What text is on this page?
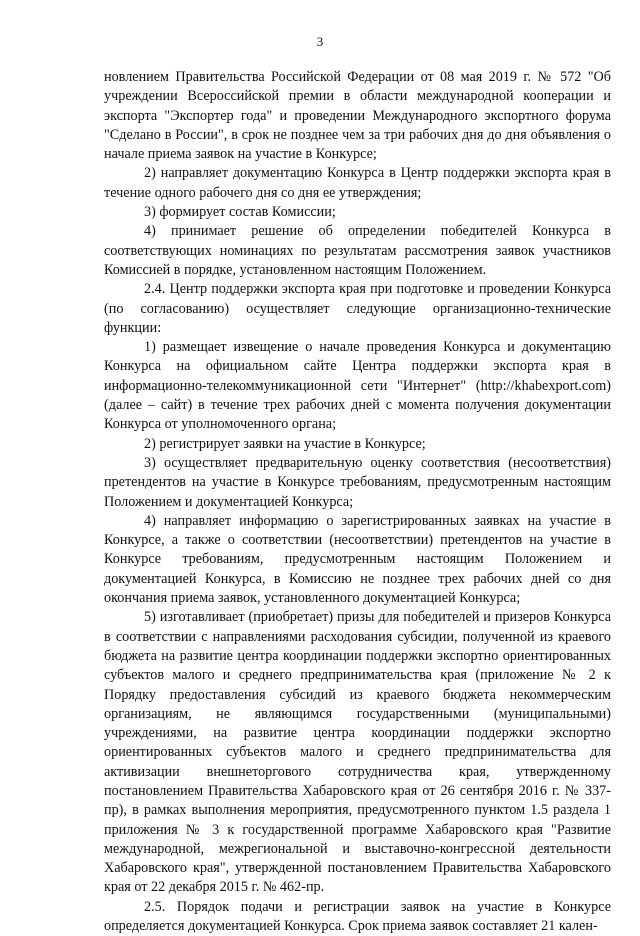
3

новлением Правительства Российской Федерации от 08 мая 2019 г. № 572 "Об учреждении Всероссийской премии в области международной кооперации и экспорта "Экспортер года" и проведении Международного экспортного форума "Сделано в России", в срок не позднее чем за три рабочих дня до дня объявления о начале приема заявок на участие в Конкурсе;

2) направляет документацию Конкурса в Центр поддержки экспорта края в течение одного рабочего дня со дня ее утверждения;

3) формирует состав Комиссии;

4) принимает решение об определении победителей Конкурса в соответствующих номинациях по результатам рассмотрения заявок участников Комиссией в порядке, установленном настоящим Положением.

2.4. Центр поддержки экспорта края при подготовке и проведении Конкурса (по согласованию) осуществляет следующие организационно-технические функции:

1) размещает извещение о начале проведения Конкурса и документацию Конкурса на официальном сайте Центра поддержки экспорта края в информационно-телекоммуникационной сети "Интернет" (http://khabexport.com) (далее – сайт) в течение трех рабочих дней с момента получения документации Конкурса от уполномоченного органа;

2) регистрирует заявки на участие в Конкурсе;

3) осуществляет предварительную оценку соответствия (несоответствия) претендентов на участие в Конкурсе требованиям, предусмотренным настоящим Положением и документацией Конкурса;

4) направляет информацию о зарегистрированных заявках на участие в Конкурсе, а также о соответствии (несоответствии) претендентов на участие в Конкурсе требованиям, предусмотренным настоящим Положением и документацией Конкурса, в Комиссию не позднее трех рабочих дней со дня окончания приема заявок, установленного документацией Конкурса;

5) изготавливает (приобретает) призы для победителей и призеров Конкурса в соответствии с направлениями расходования субсидии, полученной из краевого бюджета на развитие центра координации поддержки экспортно ориентированных субъектов малого и среднего предпринимательства края (приложение № 2 к Порядку предоставления субсидий из краевого бюджета некоммерческим организациям, не являющимся государственными (муниципальными) учреждениями, на развитие центра координации поддержки экспортно ориентированных субъектов малого и среднего предпринимательства для активизации внешнеторгового сотрудничества края, утвержденному постановлением Правительства Хабаровского края от 26 сентября 2016 г. № 337-пр), в рамках выполнения мероприятия, предусмотренного пунктом 1.5 раздела 1 приложения № 3 к государственной программе Хабаровского края "Развитие международной, межрегиональной и выставочно-конгрессной деятельности Хабаровского края", утвержденной постановлением Правительства Хабаровского края от 22 декабря 2015 г. № 462-пр.

2.5. Порядок подачи и регистрации заявок на участие в Конкурсе определяется документацией Конкурса. Срок приема заявок составляет 21 кален-
